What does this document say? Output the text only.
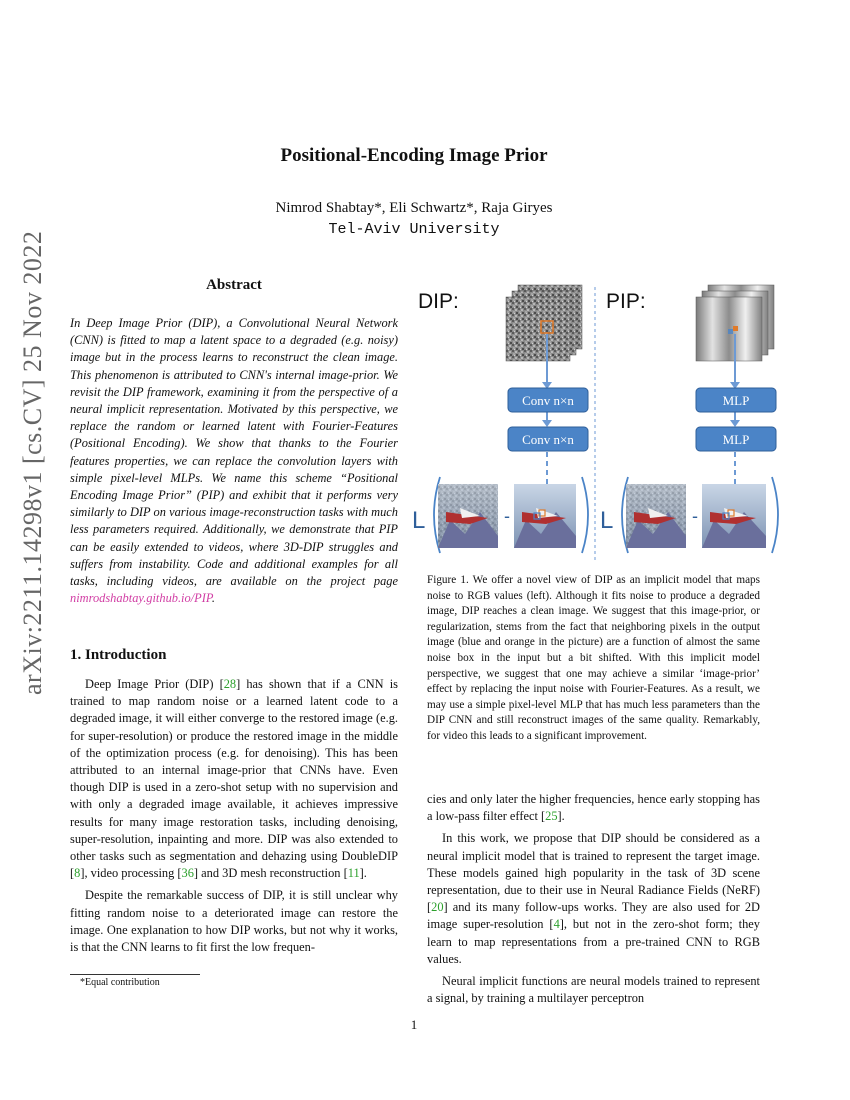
arXiv:2211.14298v1 [cs.CV] 25 Nov 2022
Positional-Encoding Image Prior
Nimrod Shabtay*, Eli Schwartz*, Raja Giryes
Tel-Aviv University
Abstract
In Deep Image Prior (DIP), a Convolutional Neural Network (CNN) is fitted to map a latent space to a degraded (e.g. noisy) image but in the process learns to reconstruct the clean image. This phenomenon is attributed to CNN's internal image-prior. We revisit the DIP framework, examining it from the perspective of a neural implicit representation. Motivated by this perspective, we replace the random or learned latent with Fourier-Features (Positional Encoding). We show that thanks to the Fourier features properties, we can replace the convolution layers with simple pixel-level MLPs. We name this scheme “Positional Encoding Image Prior” (PIP) and exhibit that it performs very similarly to DIP on various image-reconstruction tasks with much less parameters required. Additionally, we demonstrate that PIP can be easily extended to videos, where 3D-DIP struggles and suffers from instability. Code and additional examples for all tasks, including videos, are available on the project page nimrodshabtay.github.io/PIP.
1. Introduction

Deep Image Prior (DIP) [28] has shown that if a CNN is trained to map random noise or a learned latent code to a degraded image, it will either converge to the restored image (e.g. for super-resolution) or produce the restored image in the middle of the optimization process (e.g. for denoising). This has been attributed to an internal image-prior that CNNs have. Even though DIP is used in a zero-shot setup with no supervision and with only a degraded image available, it achieves impressive results for many image restoration tasks, including denoising, super-resolution, inpainting and more. DIP was also extended to other tasks such as segmentation and dehazing using DoubleDIP [8], video processing [36] and 3D mesh reconstruction [11].

Despite the remarkable success of DIP, it is still unclear why fitting random noise to a deteriorated image can restore the image. One explanation to how DIP works, but not why it works, is that the CNN learns to fit first the low frequen-

*Equal contribution
DIP:	PIP:
Conv n×n
Conv n×n
MLP
MLP
L	-	L	-
Figure 1. We offer a novel view of DIP as an implicit model that maps noise to RGB values (left). Although it fits noise to produce a degraded image, DIP reaches a clean image. We suggest that this image-prior, or regularization, stems from the fact that neighboring pixels in the output image (blue and orange in the picture) are a function of almost the same noise box in the input but a bit shifted. With this implicit model perspective, we suggest that one may achieve a similar ‘image-prior’ effect by replacing the input noise with Fourier-Features. As a result, we may use a simple pixel-level MLP that has much less parameters than the DIP CNN and still reconstruct images of the same quality. Remarkably, for video this leads to a significant improvement.

cies and only later the higher frequencies, hence early stopping has a low-pass filter effect [25].

In this work, we propose that DIP should be considered as a neural implicit model that is trained to represent the target image. These models gained high popularity in the task of 3D scene representation, due to their use in Neural Radiance Fields (NeRF) [20] and its many follow-ups works. They are also used for 2D image super-resolution [4], but not in the zero-shot form; they learn to map representations from a pre-trained CNN to RGB values.

Neural implicit functions are neural models trained to represent a signal, by training a multilayer perceptron

1
